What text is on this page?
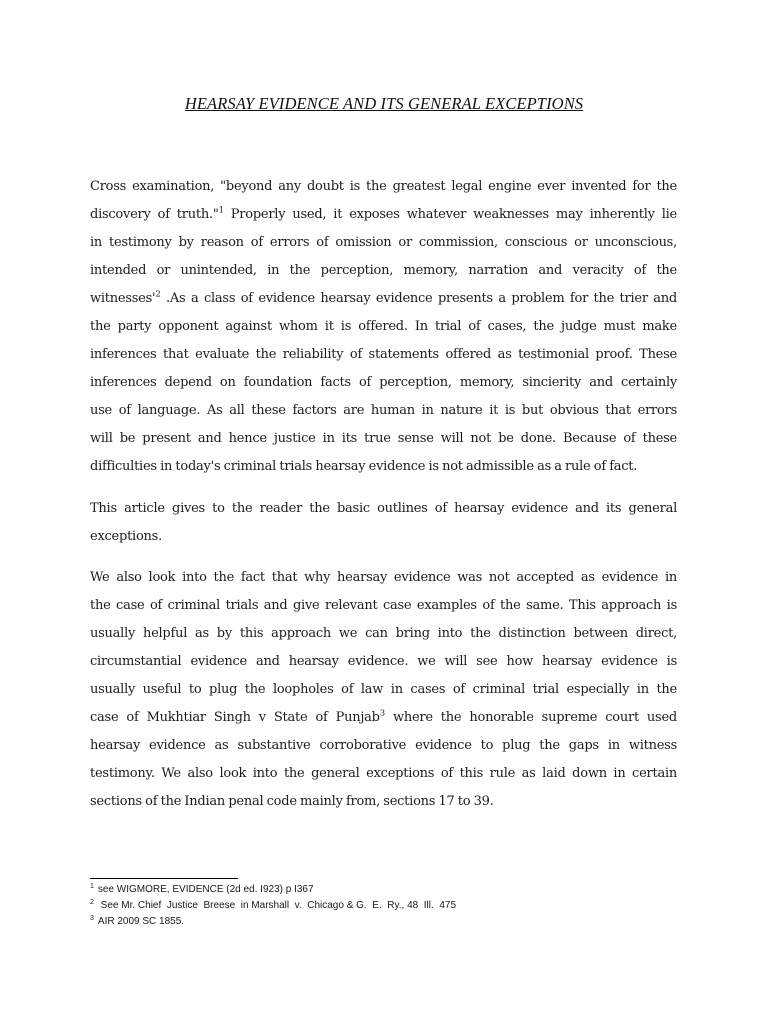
HEARSAY EVIDENCE AND ITS GENERAL EXCEPTIONS
Cross examination, "beyond any doubt is the greatest legal engine ever invented for the
discovery of truth."$^1$ Properly used, it exposes whatever weaknesses may inherently lie
in testimony by reason of errors of omission or commission, conscious or unconscious,
intended or unintended, in the perception, memory, narration and veracity of the
$witnesses'^2$ .As a class of evidence hearsay evidence presents a problem for the trier and
the party opponent against whom it is offered. In trial of cases, the judge must make
inferences that evaluate the reliability of statements offered as testimonial proof. These
inferences depend on foundation facts of perception, memory, sincierity and certainly
use of language. As all these factors are human in nature it is but obvious that errors
will be present and hence justice in its true sense will not be done. Because of these
difficulties in today's criminal trials hearsay evidence is not admissible as a rule of fact.
This article gives to the reader the basic outlines of hearsay evidence and its general
exceptions.
We also look into the fact that why hearsay evidence was not accepted as evidence in
the case of criminal trials and give relevant case examples of the same. This approach is
usually helpful as by this approach we can bring into the distinction between direct,
circumstantial evidence and hearsay evidence. we will see how hearsay evidence is
usually useful to plug the loopholes of law in cases of criminal trial especially in the
case of Mukhtiar Singh v State of Punjab$^3$ where the honorable supreme court used
hearsay evidence as substantive corroborative evidence to plug the gaps in witness
testimony. We also look into the general exceptions of this rule as laid down in certain
sections of the Indian penal code mainly from, sections 17 to 39.
$^1$ see WIGMORE, EVIDENCE (2d ed. I923) p I367
$^2$ See Mr. Chief  Justice  Breese  in Marshall  v.  Chicago & G.  E.  Ry., 48  Ill.  475
$^3$ AIR 2009 SC 1855.
